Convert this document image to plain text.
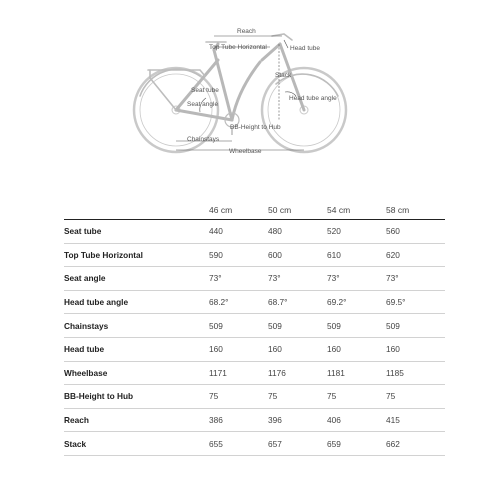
Reach
Top Tube Horizontal	Head tube
Stack
Seat tube
Seat angle
Head tube angle
BB-Height to Hub
Chainstays
Wheelbase
	46 cm	50 cm	54 cm	58 cm
Seat tube	440	480	520	560
Top Tube Horizontal	590	600	610	620
Seat angle	73°	73°	73°	73°
Head tube angle	68.2°	68.7°	69.2°	69.5°
Chainstays	509	509	509	509
Head tube	160	160	160	160
Wheelbase	1171	1176	1181	1185
BB-Height to Hub	75	75	75	75
Reach	386	396	406	415
Stack	655	657	659	662
